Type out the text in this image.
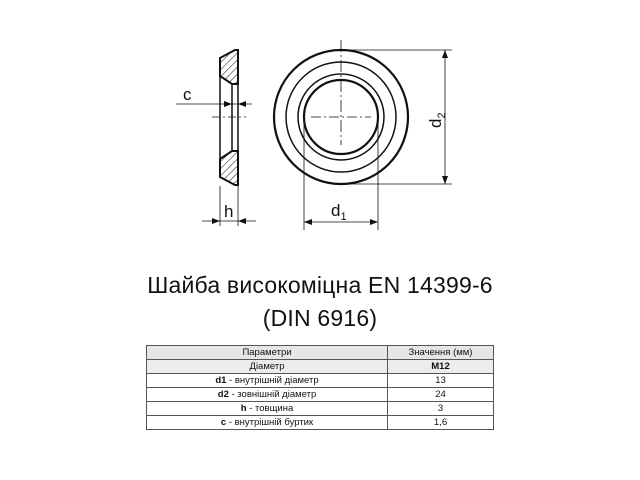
c
h	$d_1$
$d_2$
Шайба високоміцна EN 14399-6
(DIN 6916)
Параметри	Значення (мм)
Діаметр	M12
d1 - внутрішній діаметр	13
d2 - зовнішній діаметр	24
h - товщина	3
c - внутрішній буртик	1,6
